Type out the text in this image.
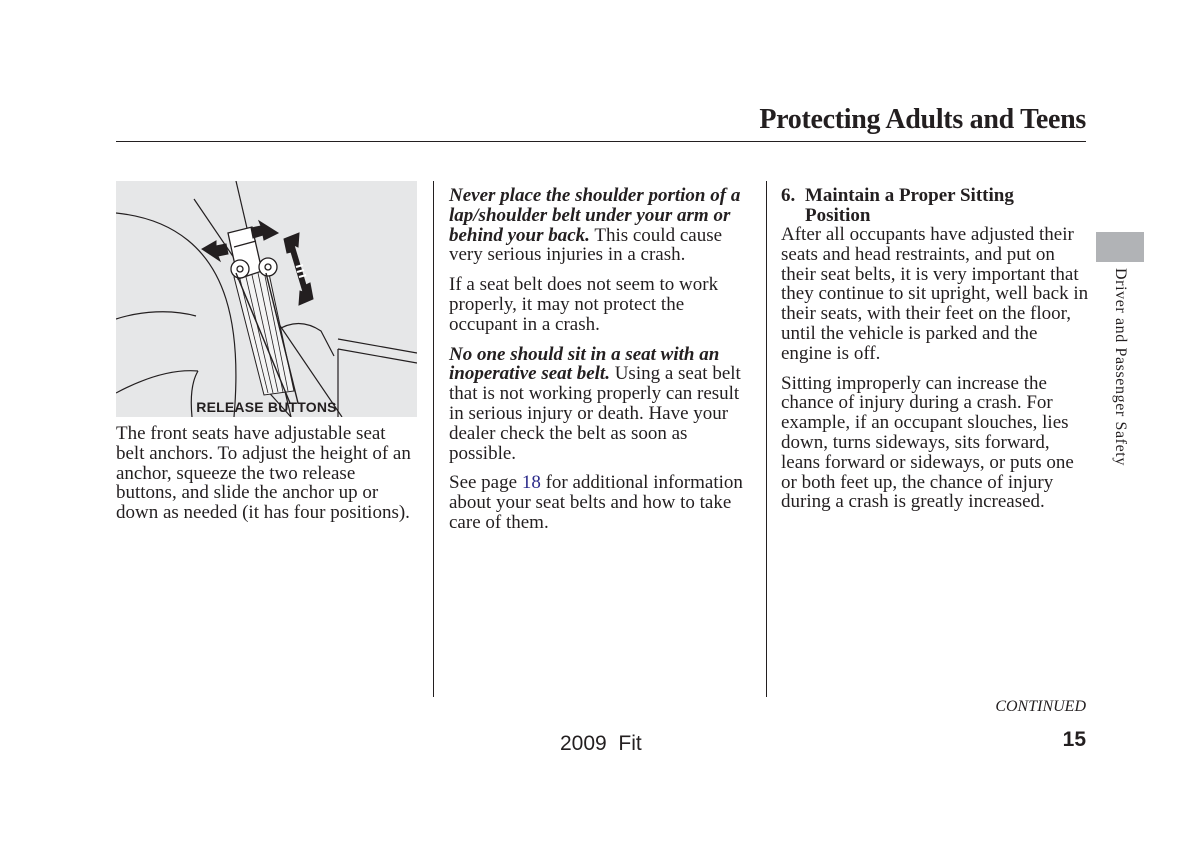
Protecting Adults and Teens
RELEASE BUTTONS

The front seats have adjustable seat belt anchors. To adjust the height of an anchor, squeeze the two release buttons, and slide the anchor up or down as needed (it has four positions).

Never place the shoulder portion of a lap/shoulder belt under your arm or behind your back. This could cause very serious injuries in a crash.

If a seat belt does not seem to work properly, it may not protect the occupant in a crash.

No one should sit in a seat with an inoperative seat belt. Using a seat belt that is not working properly can result in serious injury or death. Have your dealer check the belt as soon as possible.

See page 18 for additional information about your seat belts and how to take care of them.

6. Maintain a Proper Sitting
Position

After all occupants have adjusted their seats and head restraints, and put on their seat belts, it is very important that they continue to sit upright, well back in their seats, with their feet on the floor, until the vehicle is parked and the engine is off.

Sitting improperly can increase the chance of injury during a crash. For example, if an occupant slouches, lies down, turns sideways, sits forward, leans forward or sideways, or puts one or both feet up, the chance of injury during a crash is greatly increased.

Driver and Passenger Safety
CONTINUED
2009  Fit	15
